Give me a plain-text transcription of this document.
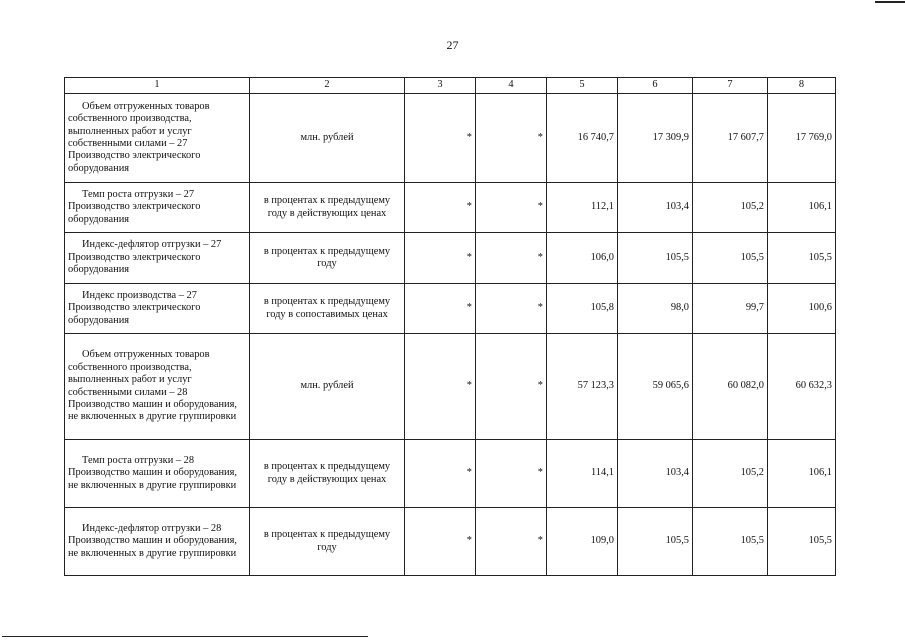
27
1	2	3	4	5	6	7	8

Объем отгруженных товаров собственного производства, выполненных работ и услуг собственными силами – 27 Производство электрического оборудования	млн. рублей	*	*	16 740,7	17 309,9	17 607,7	17 769,0

Темп роста отгрузки – 27 Производство электрического оборудования	в процентах к предыдущему году в действующих ценах	*	*	112,1	103,4	105,2	106,1

Индекс-дефлятор отгрузки – 27 Производство электрического оборудования	в процентах к предыдущему году	*	*	106,0	105,5	105,5	105,5

Индекс производства – 27 Производство электрического оборудования	в процентах к предыдущему году в сопоставимых ценах	*	*	105,8	98,0	99,7	100,6

Объем отгруженных товаров собственного производства, выполненных работ и услуг собственными силами – 28 Производство машин и оборудования, не включенных в другие группировки	млн. рублей	*	*	57 123,3	59 065,6	60 082,0	60 632,3

Темп роста отгрузки – 28 Производство машин и оборудования, не включенных в другие группировки	в процентах к предыдущему году в действующих ценах	*	*	114,1	103,4	105,2	106,1

Индекс-дефлятор отгрузки – 28 Производство машин и оборудования, не включенных в другие группировки	в процентах к предыдущему году	*	*	109,0	105,5	105,5	105,5
